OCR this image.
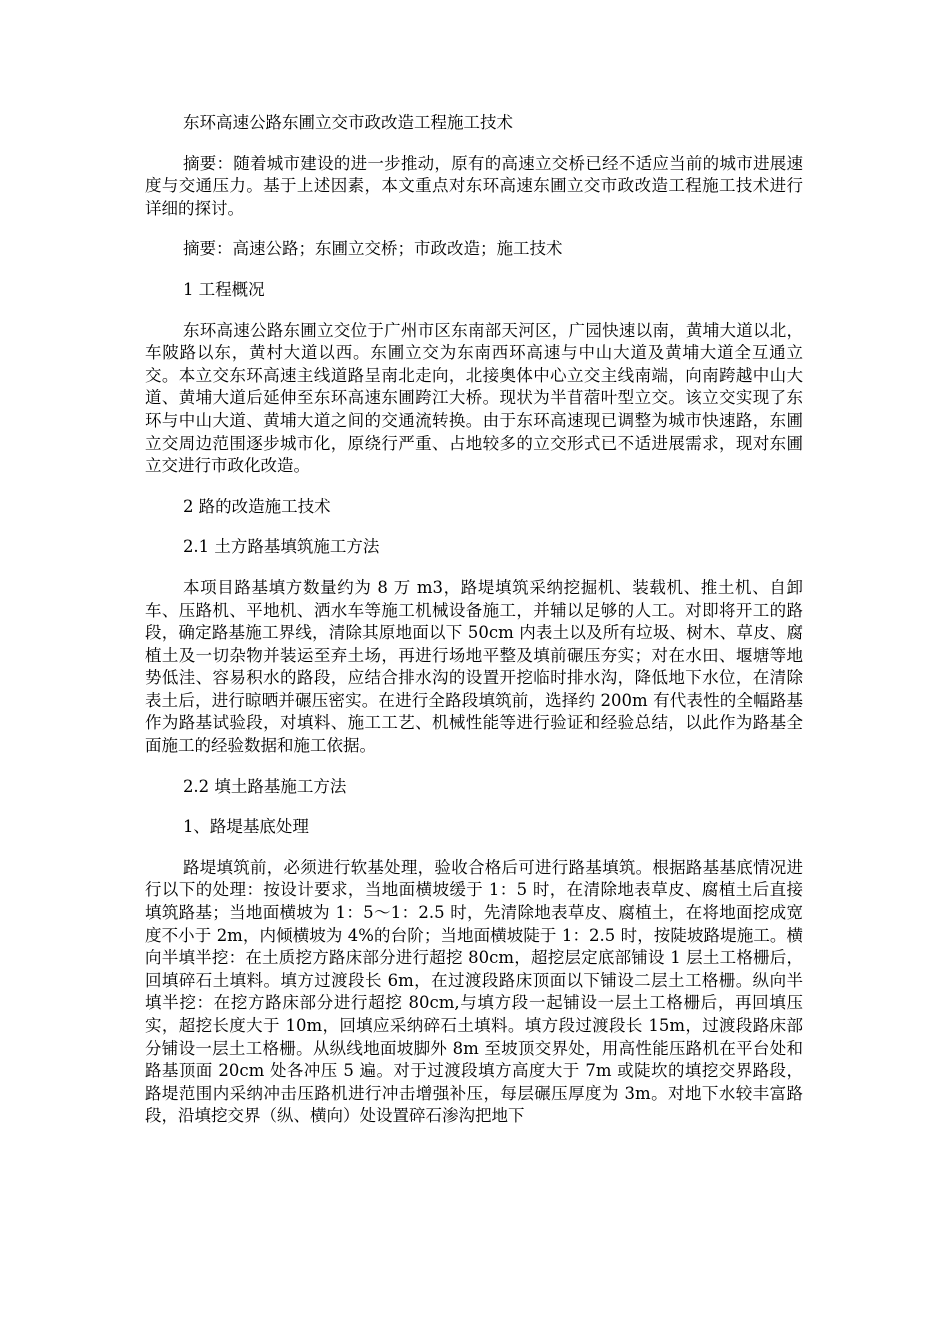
东环高速公路东圃立交市政改造工程施工技术

摘要：随着城市建设的进一步推动，原有的高速立交桥已经不适应当前的城市进展速度与交通压力。基于上述因素，本文重点对东环高速东圃立交市政改造工程施工技术进行详细的探讨。

摘要：高速公路；东圃立交桥；市政改造；施工技术

1 工程概况

东环高速公路东圃立交位于广州市区东南部天河区，广园快速以南，黄埔大道以北，车陂路以东，黄村大道以西。东圃立交为东南西环高速与中山大道及黄埔大道全互通立交。本立交东环高速主线道路呈南北走向，北接奥体中心立交主线南端，向南跨越中山大道、黄埔大道后延伸至东环高速东圃跨江大桥。现状为半苜蓿叶型立交。该立交实现了东环与中山大道、黄埔大道之间的交通流转换。由于东环高速现已调整为城市快速路，东圃立交周边范围逐步城市化，原绕行严重、占地较多的立交形式已不适进展需求，现对东圃立交进行市政化改造。

2 路的改造施工技术

2.1 土方路基填筑施工方法

本项目路基填方数量约为 8 万 m3，路堤填筑采纳挖掘机、装载机、推土机、自卸车、压路机、平地机、洒水车等施工机械设备施工，并辅以足够的人工。对即将开工的路段，确定路基施工界线，清除其原地面以下 50cm 内表土以及所有垃圾、树木、草皮、腐植土及一切杂物并装运至弃土场，再进行场地平整及填前碾压夯实；对在水田、堰塘等地势低洼、容易积水的路段，应结合排水沟的设置开挖临时排水沟，降低地下水位，在清除表土后，进行晾晒并碾压密实。在进行全路段填筑前，选择约 200m 有代表性的全幅路基作为路基试验段，对填料、施工工艺、机械性能等进行验证和经验总结，以此作为路基全面施工的经验数据和施工依据。

2.2 填土路基施工方法

1、路堤基底处理

路堤填筑前，必须进行软基处理，验收合格后可进行路基填筑。根据路基基底情况进行以下的处理：按设计要求，当地面横坡缓于 1：5 时，在清除地表草皮、腐植土后直接填筑路基；当地面横坡为 1：5～1：2.5 时，先清除地表草皮、腐植土，在将地面挖成宽度不小于 2m，内倾横坡为 4%的台阶；当地面横坡陡于 1：2.5 时，按陡坡路堤施工。横向半填半挖：在土质挖方路床部分进行超挖 80cm，超挖层定底部铺设 1 层土工格栅后，回填碎石土填料。填方过渡段长 6m，在过渡段路床顶面以下铺设二层土工格栅。纵向半填半挖：在挖方路床部分进行超挖 80cm,与填方段一起铺设一层土工格栅后，再回填压实，超挖长度大于 10m，回填应采纳碎石土填料。填方段过渡段长 15m，过渡段路床部分铺设一层土工格栅。从纵线地面坡脚外 8m 至坡顶交界处，用高性能压路机在平台处和路基顶面 20cm 处各冲压 5 遍。对于过渡段填方高度大于 7m 或陡坎的填挖交界路段，路堤范围内采纳冲击压路机进行冲击增强补压，每层碾压厚度为 3m。对地下水较丰富路段，沿填挖交界（纵、横向）处设置碎石渗沟把地下
